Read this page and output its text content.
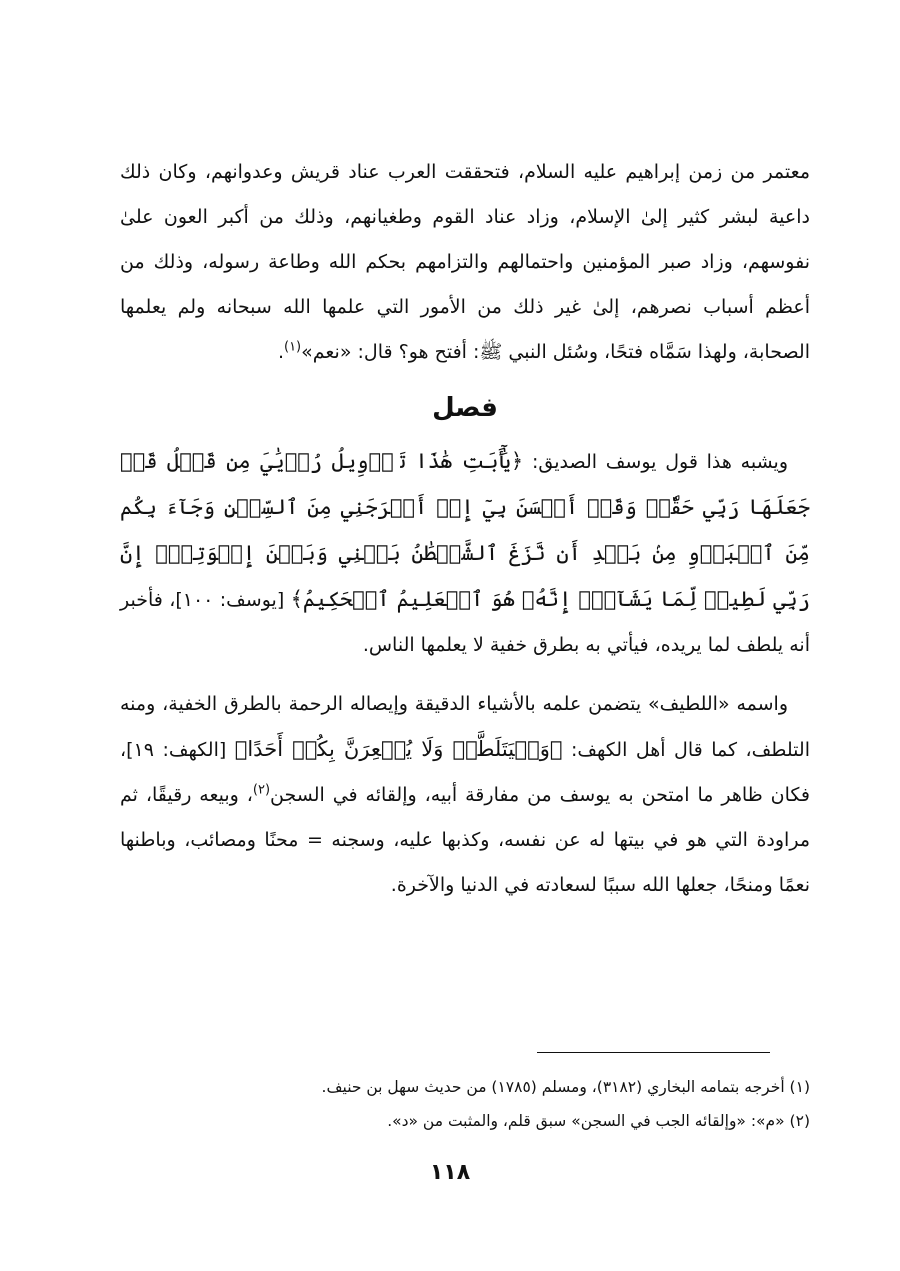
معتمر من زمن إبراهيم عليه السلام، فتحققت العرب عناد قريش وعدوانهم، وكان ذلك داعية لبشر كثير إلىٰ الإسلام، وزاد عناد القوم وطغيانهم، وذلك من أكبر العون علىٰ نفوسهم، وزاد صبر المؤمنين واحتمالهم والتزامهم بحكم الله وطاعة رسوله، وذلك من أعظم أسباب نصرهم، إلىٰ غير ذلك من الأمور التي علمها الله سبحانه ولم يعلمها الصحابة، ولهذا سَمَّاه فتحًا، وسُئل النبي ﷺ: أفتح هو؟ قال: «نعم»$^{(١)}$.

فصل

ويشبه هذا قول يوسف الصديق: ﴿يَٰٓأَبَتِ هَٰذَا تَأۡوِيلُ رُءۡيَٰيَ مِن قَبۡلُ قَدۡ جَعَلَهَا رَبِّي حَقّٗاۖ وَقَدۡ أَحۡسَنَ بِيٓ إِذۡ أَخۡرَجَنِي مِنَ ٱلسِّجۡنِ وَجَآءَ بِكُم مِّنَ ٱلۡبَدۡوِ مِنۢ بَعۡدِ أَن نَّزَغَ ٱلشَّيۡطَٰنُ بَيۡنِي وَبَيۡنَ إِخۡوَتِيٓۚ إِنَّ رَبِّي لَطِيفٞ لِّمَا يَشَآءُۚ إِنَّهُۥ هُوَ ٱلۡعَلِيمُ ٱلۡحَكِيمُ﴾ [يوسف: ١٠٠]، فأخبر أنه يلطف لما يريده، فيأتي به بطرق خفية لا يعلمها الناس.

واسمه «اللطيف» يتضمن علمه بالأشياء الدقيقة وإيصاله الرحمة بالطرق الخفية، ومنه التلطف، كما قال أهل الكهف: ﴿وَلۡيَتَلَطَّفۡ وَلَا يُشۡعِرَنَّ بِكُمۡ أَحَدًا﴾ [الكهف: ١٩]، فكان ظاهر ما امتحن به يوسف من مفارقة أبيه، وإلقائه في السجن$^{(٢)}$، وبيعه رقيقًا، ثم مراودة التي هو في بيتها له عن نفسه، وكذبها عليه، وسجنه = محنًا ومصائب، وباطنها نعمًا ومنحًا، جعلها الله سببًا لسعادته في الدنيا والآخرة.

(١) أخرجه بتمامه البخاري (٣١٨٢)، ومسلم (١٧٨٥) من حديث سهل بن حنيف.

(٢) «م»: «وإلقائه الجب في السجن» سبق قلم، والمثبت من «د».

١١٨
